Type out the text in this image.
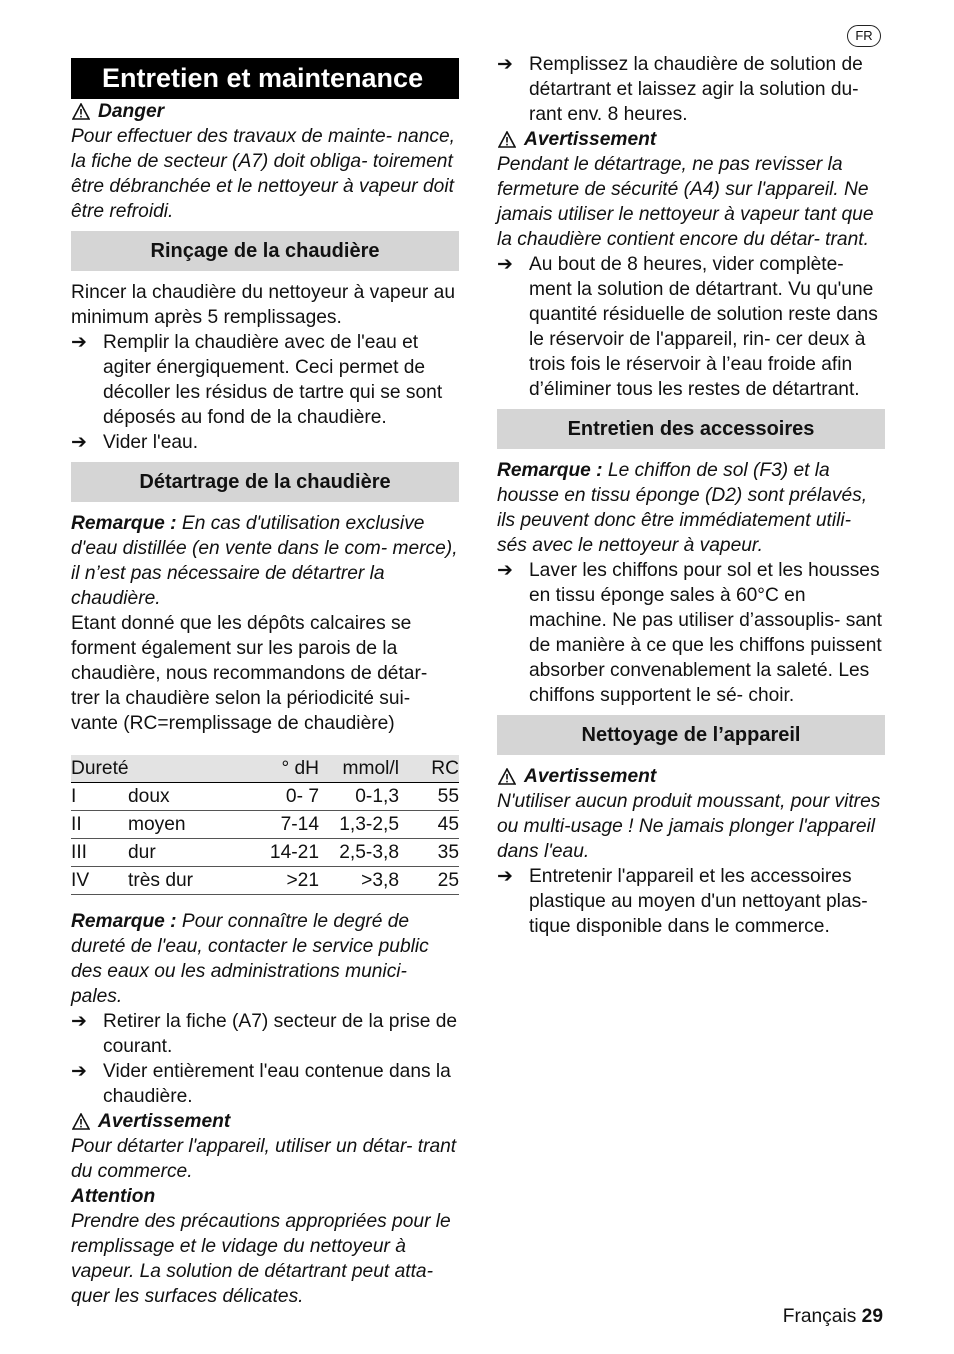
FR
Entretien et maintenance
Danger

Pour effectuer des travaux de mainte- nance, la fiche de secteur (A7) doit obliga- toirement être débranchée et le nettoyeur à vapeur doit être refroidi.

Rinçage de la chaudière

Rincer la chaudière du nettoyeur à vapeur au minimum après 5 remplissages.

➔ Remplir la chaudière avec de l'eau et agiter énergiquement. Ceci permet de décoller les résidus de tartre qui se sont déposés au fond de la chaudière.
➔ Vider l'eau.
Détartrage de la chaudière

Remarque : En cas d'utilisation exclusive d'eau distillée (en vente dans le com- merce), il n’est pas nécessaire de détartrer la chaudière.

Etant donné que les dépôts calcaires se forment également sur les parois de la chaudière, nous recommandons de détar- trer la chaudière selon la périodicité sui- vante (RC=remplissage de chaudière)

Dureté		° dH	mmol/l	RC
I	doux	0- 7	0-1,3	55
II	moyen	7-14	1,3-2,5	45
III	dur	14-21	2,5-3,8	35
IV	très dur	>21	>3,8	25

Remarque : Pour connaître le degré de dureté de l'eau, contacter le service public des eaux ou les administrations munici- pales.

➔ Retirer la fiche (A7) secteur de la prise de courant.
➔ Vider entièrement l'eau contenue dans la chaudière.
Avertissement

Pour détarter l'appareil, utiliser un détar- trant du commerce.

Attention

Prendre des précautions appropriées pour le remplissage et le vidage du nettoyeur à vapeur. La solution de détartrant peut atta- quer les surfaces délicates.

➔ Remplissez la chaudière de solution de détartrant et laissez agir la solution du- rant env. 8 heures.
Avertissement

Pendant le détartrage, ne pas revisser la fermeture de sécurité (A4) sur l'appareil. Ne jamais utiliser le nettoyeur à vapeur tant que la chaudière contient encore du détar- trant.

➔ Au bout de 8 heures, vider complète- ment la solution de détartrant. Vu qu'une quantité résiduelle de solution reste dans le réservoir de l'appareil, rin- cer deux à trois fois le réservoir à l’eau froide afin d’éliminer tous les restes de détartrant.
Entretien des accessoires

Remarque : Le chiffon de sol (F3) et la housse en tissu éponge (D2) sont prélavés, ils peuvent donc être immédiatement utili- sés avec le nettoyeur à vapeur.

➔ Laver les chiffons pour sol et les housses en tissu éponge sales à 60°C en machine. Ne pas utiliser d’assouplis- sant de manière à ce que les chiffons puissent absorber convenablement la saleté. Les chiffons supportent le sé- choir.
Nettoyage de l’appareil
Avertissement

N'utiliser aucun produit moussant, pour vitres ou multi-usage ! Ne jamais plonger l'appareil dans l'eau.

➔ Entretenir l'appareil et les accessoires plastique au moyen d'un nettoyant plas- tique disponible dans le commerce.
Français 29
